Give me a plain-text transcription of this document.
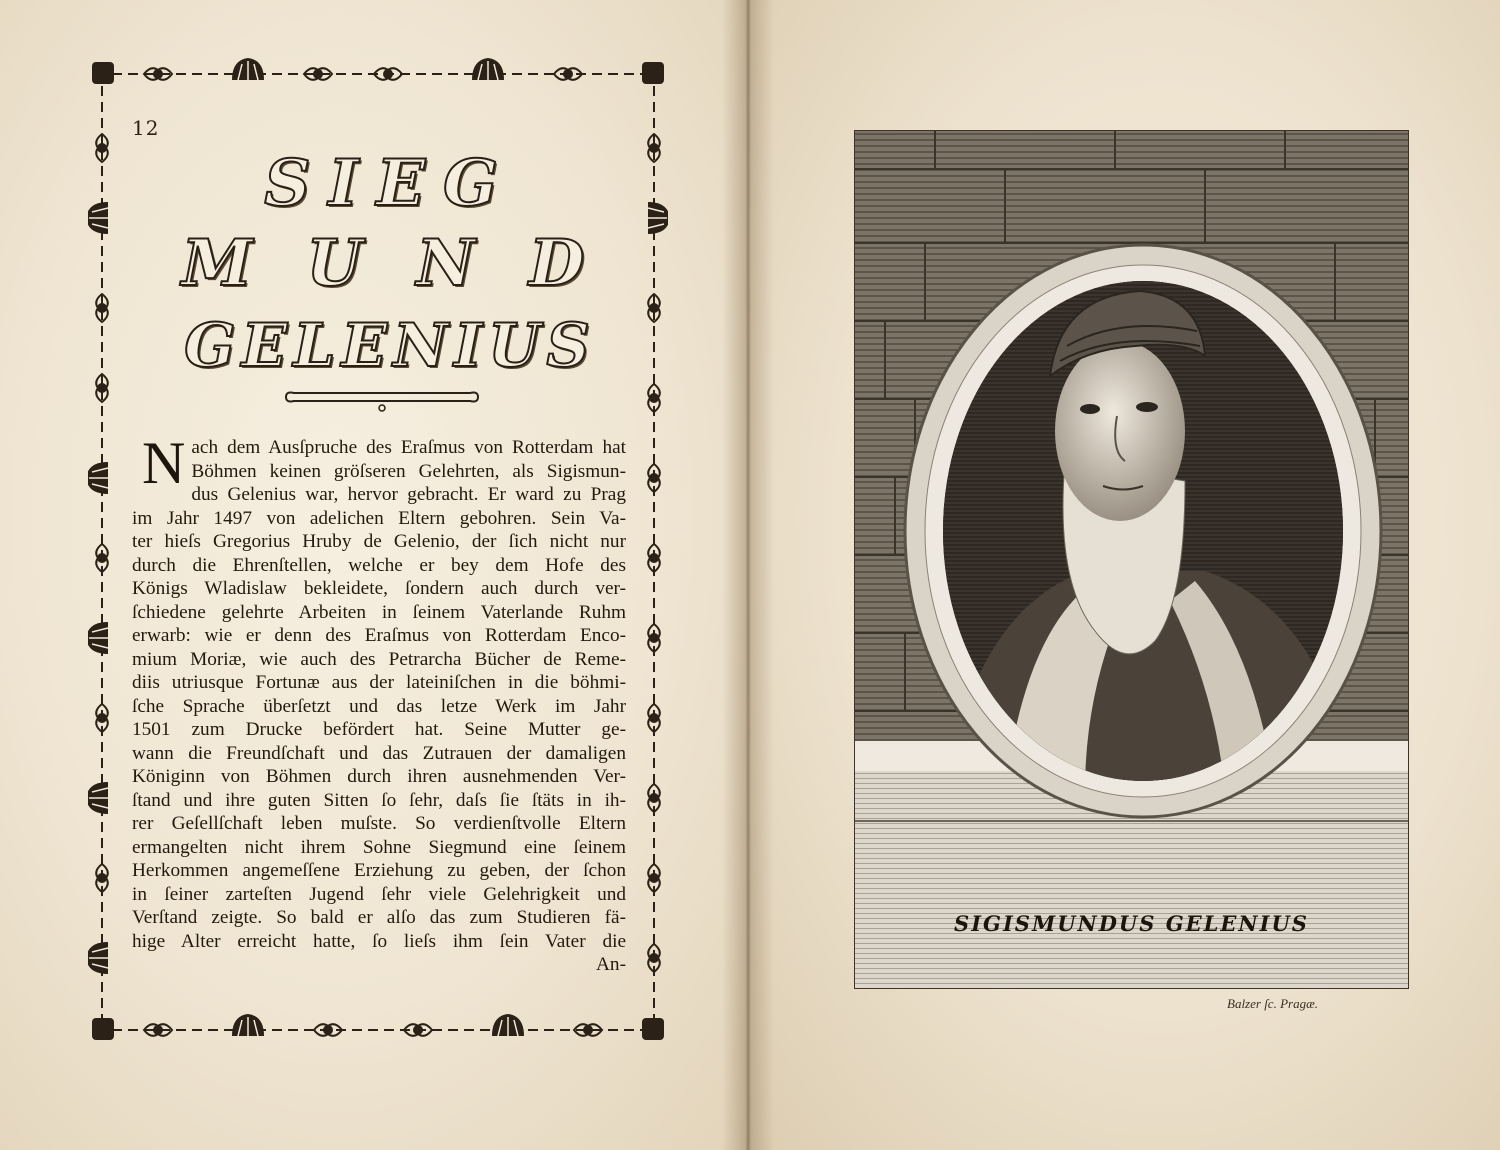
12
SIEG
MUND
GELENIUS
N ach dem Ausſpruche des Eraſmus von Rotterdam hat
Böhmen keinen gröſseren Gelehrten, als Sigismun-
dus Gelenius war, hervor gebracht. Er ward zu Prag
im Jahr 1497 von adelichen Eltern gebohren. Sein Va-
ter hieſs Gregorius Hruby de Gelenio, der ſich nicht nur
durch die Ehrenſtellen, welche er bey dem Hofe des
Königs Wladislaw bekleidete, ſondern auch durch ver-
ſchiedene gelehrte Arbeiten in ſeinem Vaterlande Ruhm
erwarb: wie er denn des Eraſmus von Rotterdam Enco-
mium Moriæ, wie auch des Petrarcha Bücher de Reme-
diis utriusque Fortunæ aus der lateiniſchen in die böhmi-
ſche Sprache überſetzt und das letze Werk im Jahr
1501 zum Drucke befördert hat. Seine Mutter ge-
wann die Freundſchaft und das Zutrauen der damaligen
Königinn von Böhmen durch ihren ausnehmenden Ver-
ſtand und ihre guten Sitten ſo ſehr, daſs ſie ſtäts in ih-
rer Geſellſchaft leben muſste. So verdienſtvolle Eltern
ermangelten nicht ihrem Sohne Siegmund eine ſeinem
Herkommen angemeſſene Erziehung zu geben, der ſchon
in ſeiner zarteſten Jugend ſehr viele Gelehrigkeit und
Verſtand zeigte. So bald er alſo das zum Studieren fä-
hige Alter erreicht hatte, ſo lieſs ihm ſein Vater die
An-
SIGISMUNDUS GELENIUS
Balzer ſc. Pragæ.
